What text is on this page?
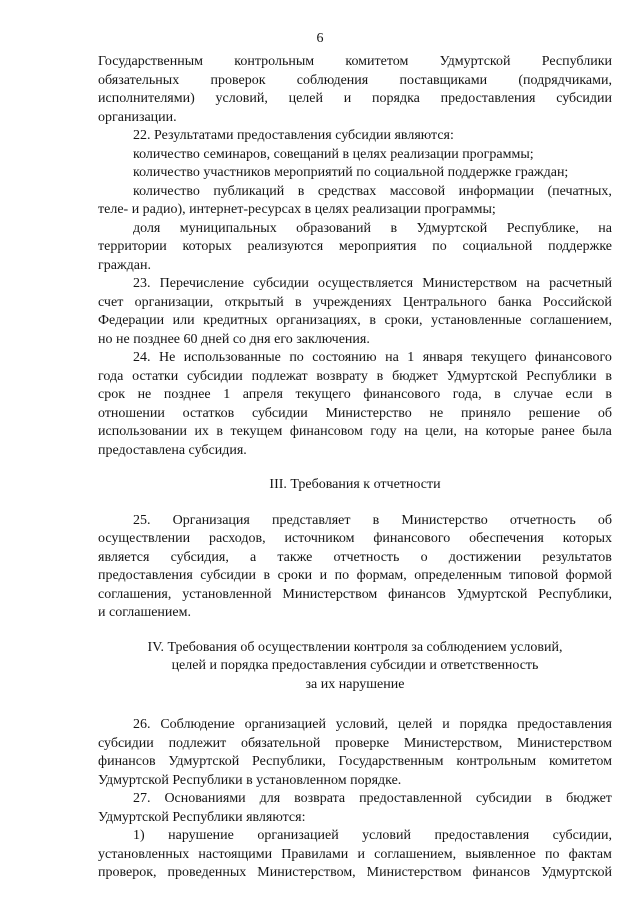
6
Государственным контрольным комитетом Удмуртской Республики
обязательных проверок соблюдения поставщиками (подрядчиками,
исполнителями) условий, целей и порядка предоставления субсидии
организации.
22. Результатами предоставления субсидии являются:
количество семинаров, совещаний в целях реализации программы;
количество участников мероприятий по социальной поддержке граждан;
количество публикаций в средствах массовой информации (печатных,
теле- и радио), интернет-ресурсах в целях реализации программы;
доля муниципальных образований в Удмуртской Республике, на
территории которых реализуются мероприятия по социальной поддержке
граждан.
23. Перечисление субсидии осуществляется Министерством на расчетный
счет организации, открытый в учреждениях Центрального банка Российской
Федерации или кредитных организациях, в сроки, установленные соглашением,
но не позднее 60 дней со дня его заключения.
24. Не использованные по состоянию на 1 января текущего финансового
года остатки субсидии подлежат возврату в бюджет Удмуртской Республики в
срок не позднее 1 апреля текущего финансового года, в случае если в
отношении остатков субсидии Министерство не приняло решение об
использовании их в текущем финансовом году на цели, на которые ранее была
предоставлена субсидия.
III. Требования к отчетности
25. Организация представляет в Министерство отчетность об
осуществлении расходов, источником финансового обеспечения которых
является субсидия, а также отчетность о достижении результатов
предоставления субсидии в сроки и по формам, определенным типовой формой
соглашения, установленной Министерством финансов Удмуртской Республики,
и соглашением.
IV. Требования об осуществлении контроля за соблюдением условий,
целей и порядка предоставления субсидии и ответственность
за их нарушение
26. Соблюдение организацией условий, целей и порядка предоставления
субсидии подлежит обязательной проверке Министерством, Министерством
финансов Удмуртской Республики, Государственным контрольным комитетом
Удмуртской Республики в установленном порядке.
27. Основаниями для возврата предоставленной субсидии в бюджет
Удмуртской Республики являются:
1) нарушение организацией условий предоставления субсидии,
установленных настоящими Правилами и соглашением, выявленное по фактам
проверок, проведенных Министерством, Министерством финансов Удмуртской
